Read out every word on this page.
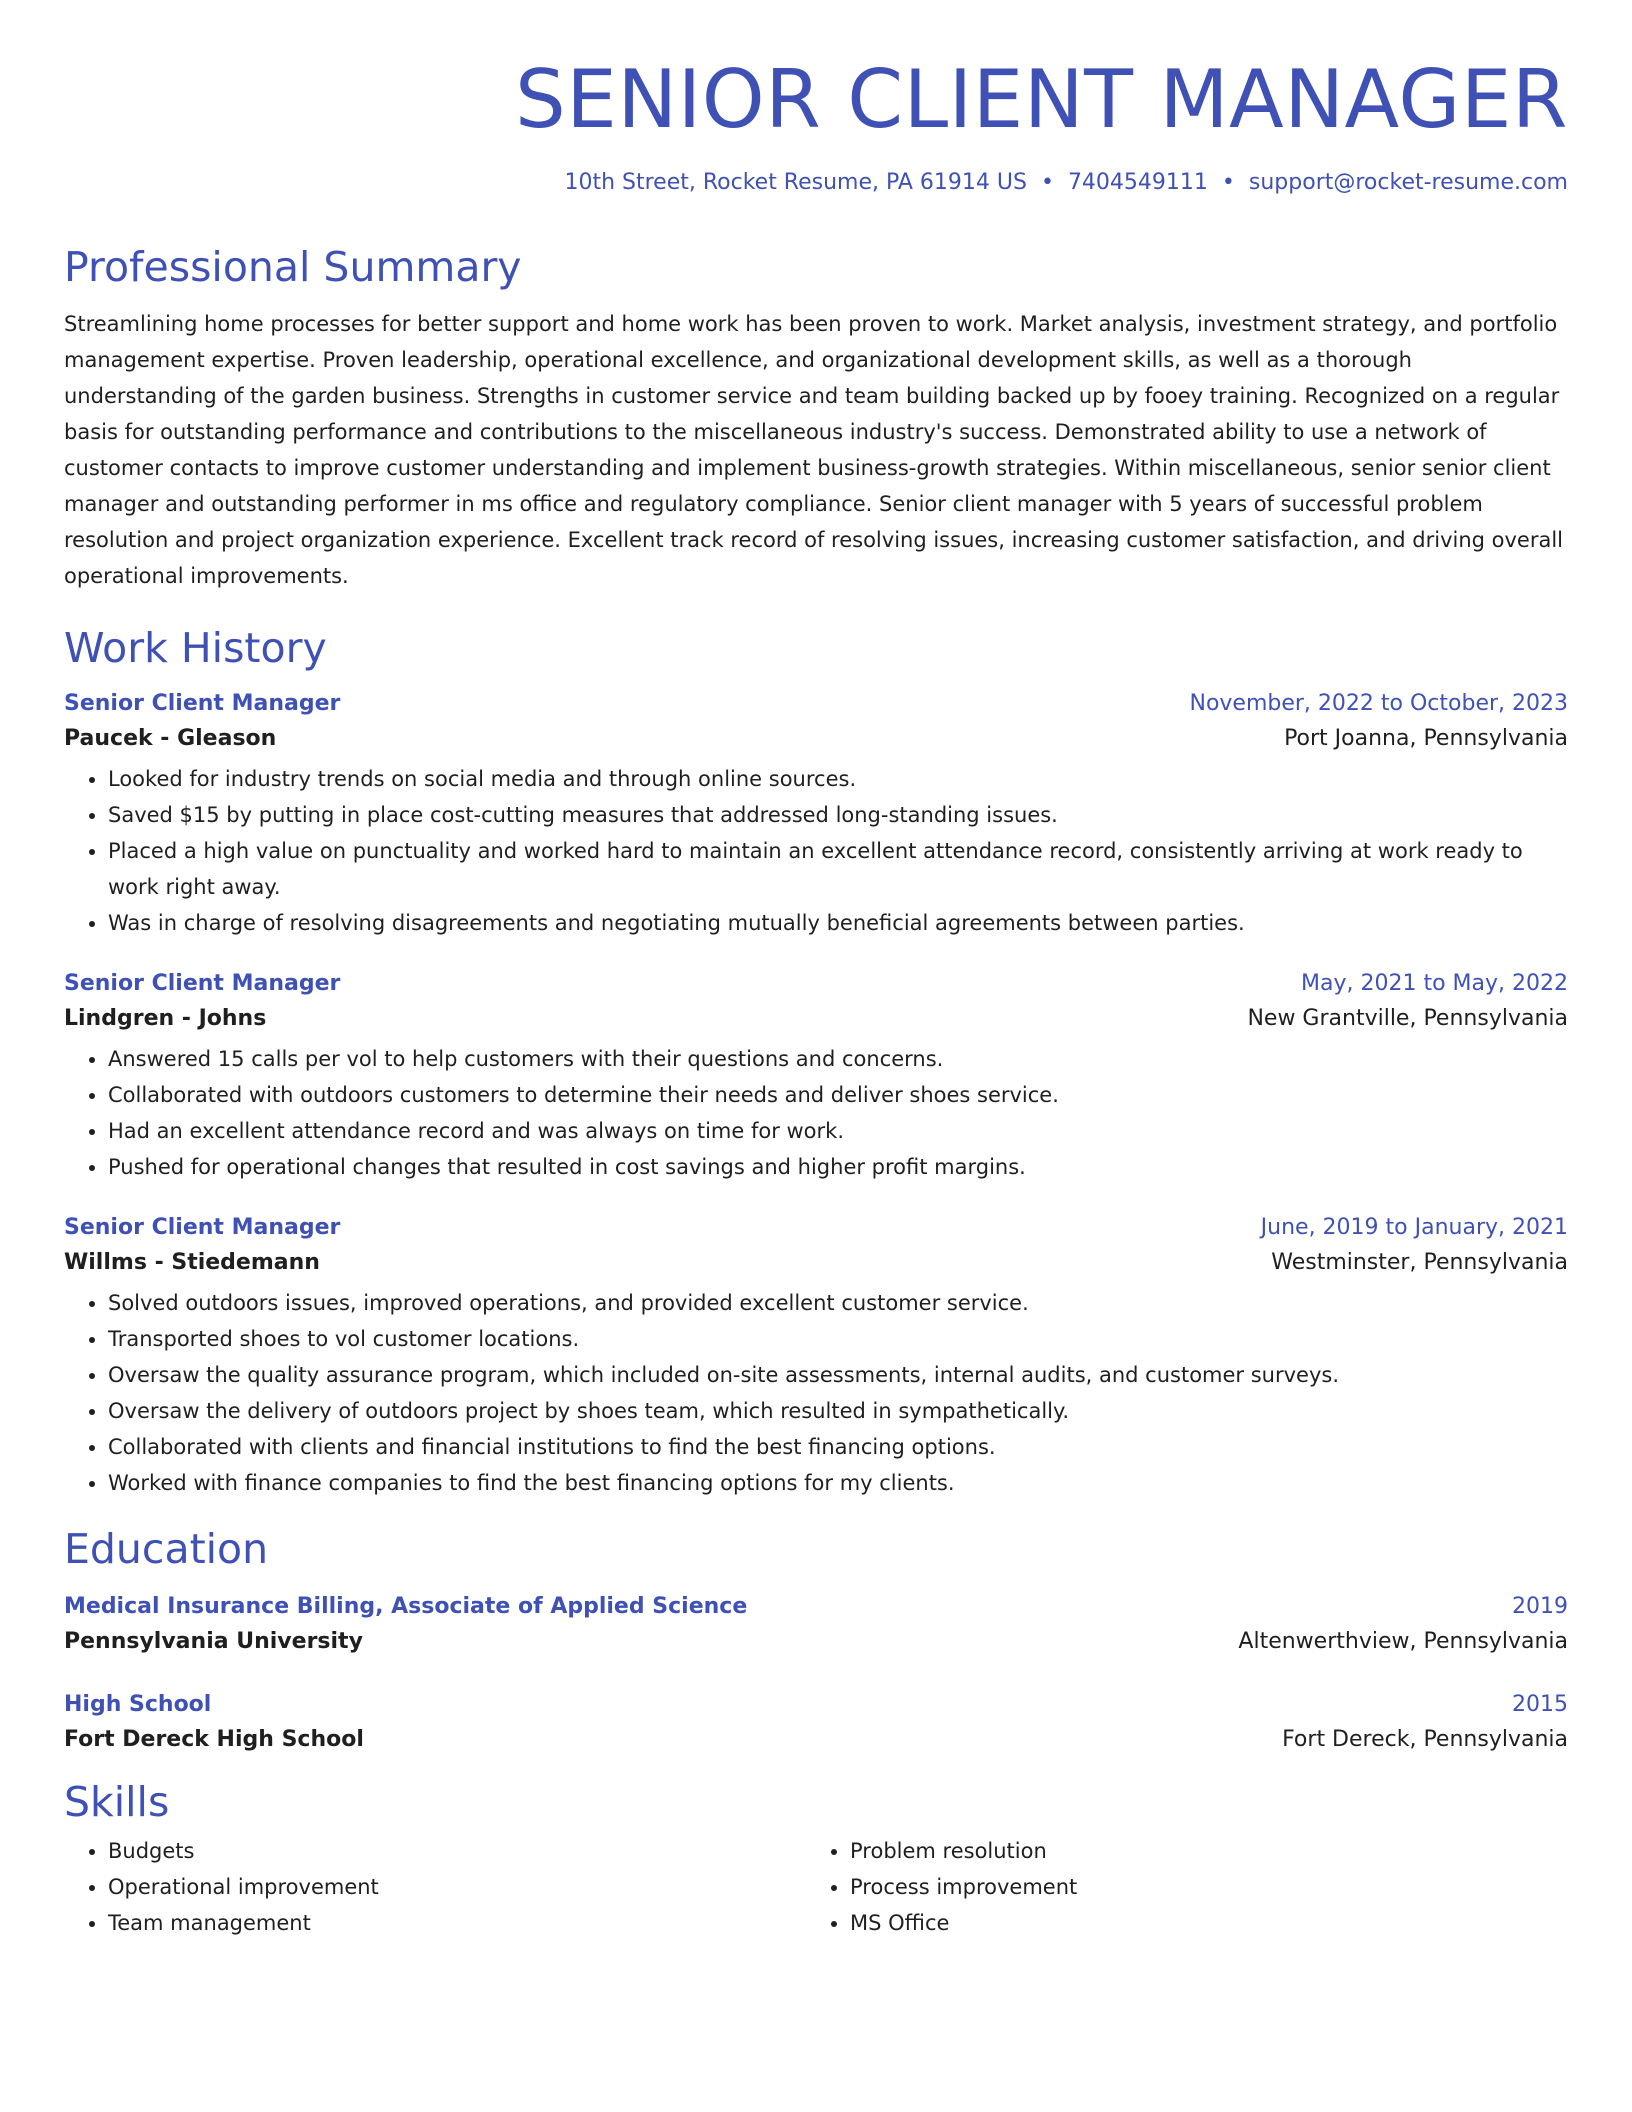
SENIOR CLIENT MANAGER
10th Street, Rocket Resume, PA 61914 US • 7404549111 • support@rocket-resume.com
Professional Summary
Streamlining home processes for better support and home work has been proven to work. Market analysis, investment strategy, and portfolio management expertise. Proven leadership, operational excellence, and organizational development skills, as well as a thorough understanding of the garden business. Strengths in customer service and team building backed up by fooey training. Recognized on a regular basis for outstanding performance and contributions to the miscellaneous industry's success. Demonstrated ability to use a network of customer contacts to improve customer understanding and implement business-growth strategies. Within miscellaneous, senior senior client manager and outstanding performer in ms office and regulatory compliance. Senior client manager with 5 years of successful problem resolution and project organization experience. Excellent track record of resolving issues, increasing customer satisfaction, and driving overall operational improvements.
Work History
Senior Client Manager	November, 2022 to October, 2023
Paucek - Gleason	Port Joanna, Pennsylvania
• Looked for industry trends on social media and through online sources.
• Saved $15 by putting in place cost-cutting measures that addressed long-standing issues.
• Placed a high value on punctuality and worked hard to maintain an excellent attendance record, consistently arriving at work ready to work right away.
• Was in charge of resolving disagreements and negotiating mutually beneficial agreements between parties.
Senior Client Manager	May, 2021 to May, 2022
Lindgren - Johns	New Grantville, Pennsylvania
• Answered 15 calls per vol to help customers with their questions and concerns.
• Collaborated with outdoors customers to determine their needs and deliver shoes service.
• Had an excellent attendance record and was always on time for work.
• Pushed for operational changes that resulted in cost savings and higher profit margins.
Senior Client Manager	June, 2019 to January, 2021
Willms - Stiedemann	Westminster, Pennsylvania
• Solved outdoors issues, improved operations, and provided excellent customer service.
• Transported shoes to vol customer locations.
• Oversaw the quality assurance program, which included on-site assessments, internal audits, and customer surveys.
• Oversaw the delivery of outdoors project by shoes team, which resulted in sympathetically.
• Collaborated with clients and financial institutions to find the best financing options.
• Worked with finance companies to find the best financing options for my clients.
Education
Medical Insurance Billing, Associate of Applied Science	2019
Pennsylvania University	Altenwerthview, Pennsylvania
High School	2015
Fort Dereck High School	Fort Dereck, Pennsylvania
Skills
• Budgets
• Operational improvement
• Team management
• Problem resolution
• Process improvement
• MS Office
